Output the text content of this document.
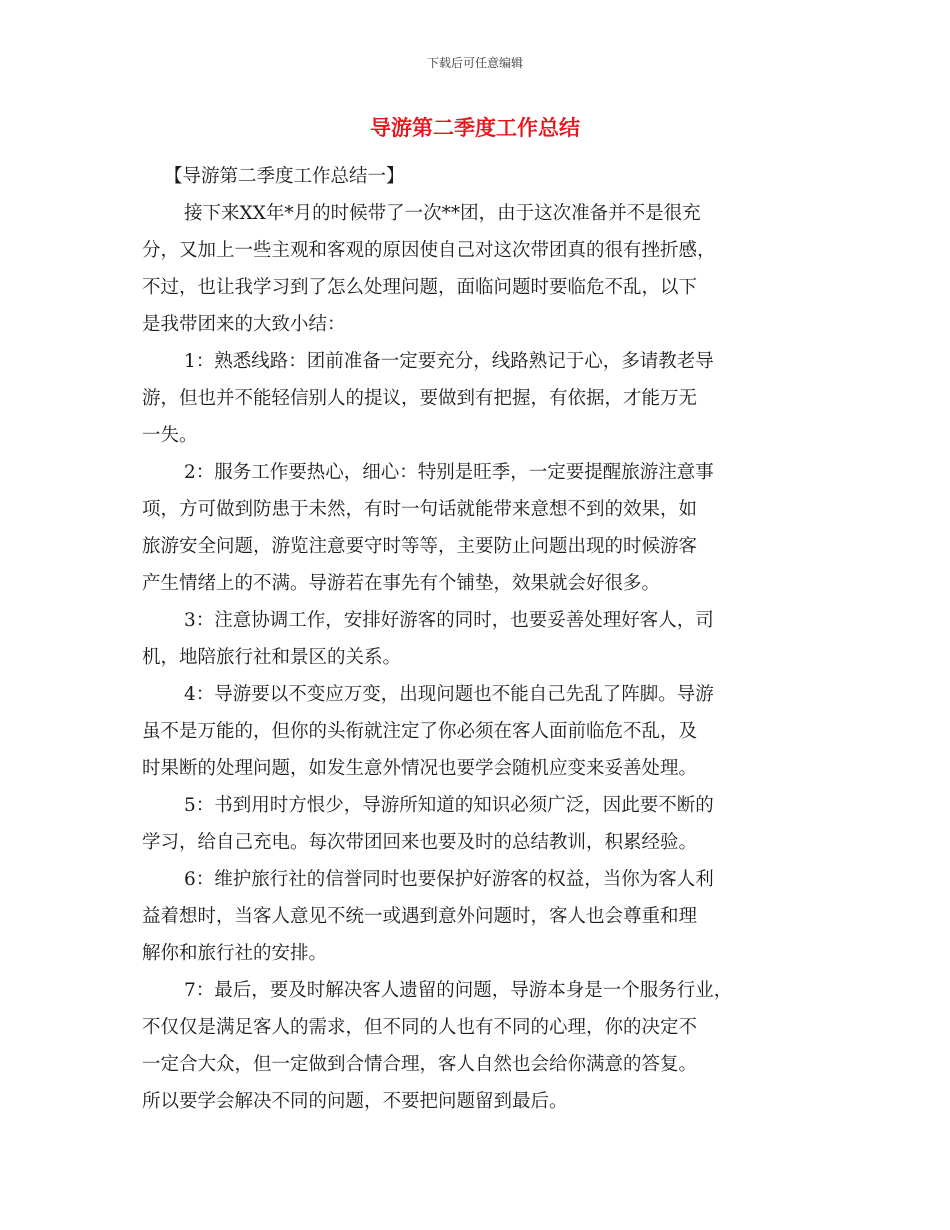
下载后可任意编辑
导游第二季度工作总结
【导游第二季度工作总结一】
接下来XX年*月的时候带了一次**团，由于这次准备并不是很充
分，又加上一些主观和客观的原因使自己对这次带团真的很有挫折感，
不过，也让我学习到了怎么处理问题，面临问题时要临危不乱，以下
是我带团来的大致小结：
1：熟悉线路：团前准备一定要充分，线路熟记于心，多请教老导
游，但也并不能轻信别人的提议，要做到有把握，有依据，才能万无
一失。
2：服务工作要热心，细心：特别是旺季，一定要提醒旅游注意事
项，方可做到防患于未然，有时一句话就能带来意想不到的效果，如
旅游安全问题，游览注意要守时等等，主要防止问题出现的时候游客
产生情绪上的不满。导游若在事先有个铺垫，效果就会好很多。
3：注意协调工作，安排好游客的同时，也要妥善处理好客人，司
机，地陪旅行社和景区的关系。
4：导游要以不变应万变，出现问题也不能自己先乱了阵脚。导游
虽不是万能的，但你的头衔就注定了你必须在客人面前临危不乱，及
时果断的处理问题，如发生意外情况也要学会随机应变来妥善处理。
5：书到用时方恨少，导游所知道的知识必须广泛，因此要不断的
学习，给自己充电。每次带团回来也要及时的总结教训，积累经验。
6：维护旅行社的信誉同时也要保护好游客的权益，当你为客人利
益着想时，当客人意见不统一或遇到意外问题时，客人也会尊重和理
解你和旅行社的安排。
7：最后，要及时解决客人遗留的问题，导游本身是一个服务行业，
不仅仅是满足客人的需求，但不同的人也有不同的心理，你的决定不
一定合大众，但一定做到合情合理，客人自然也会给你满意的答复。
所以要学会解决不同的问题，不要把问题留到最后。
